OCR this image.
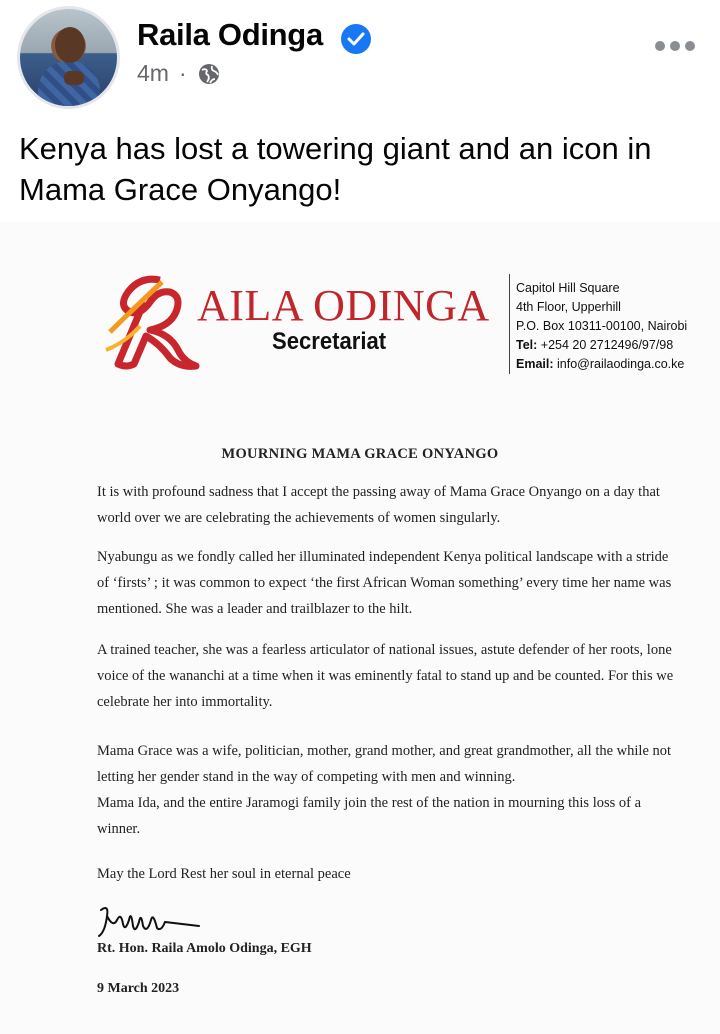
Raila Odinga
4m ·
Kenya has lost a towering giant and an icon in Mama Grace Onyango!
AILA ODINGA
Secretariat
Capitol Hill Square
4th Floor, Upperhill
P.O. Box 10311-00100, Nairobi
Tel: +254 20 2712496/97/98
Email: info@railaodinga.co.ke
MOURNING MAMA GRACE ONYANGO
It is with profound sadness that I accept the passing away of Mama Grace Onyango on a day that world over we are celebrating the achievements of women singularly.
Nyabungu as we fondly called her illuminated independent Kenya political landscape with a stride of ‘firsts’ ; it was common to expect ‘the first African Woman something’ every time her name was mentioned. She was a leader and trailblazer to the hilt.
A trained teacher, she was a fearless articulator of national issues, astute defender of her roots, lone voice of the wananchi at a time when it was eminently fatal to stand up and be counted. For this we celebrate her into immortality.
Mama Grace was a wife, politician, mother, grand mother, and great grandmother, all the while not letting her gender stand in the way of competing with men and winning.
Mama Ida, and the entire Jaramogi family join the rest of the nation in mourning this loss of a winner.
May the Lord Rest her soul in eternal peace
Rt. Hon. Raila Amolo Odinga, EGH
9 March 2023
